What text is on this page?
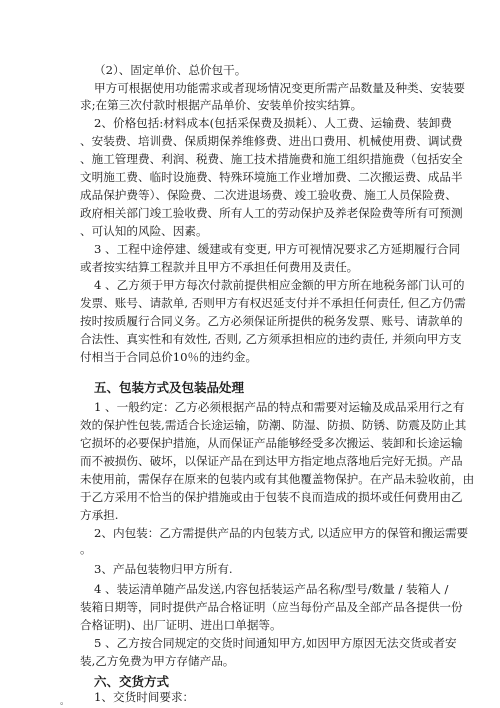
（2）、固定单价、总价包干。
甲方可根据使用功能需求或者现场情况变更所需产品数量及种类、安装要
求;在第三次付款时根据产品单价、安装单价按实结算。
2、价格包括:材料成本(包括采保费及损耗）、人工费、运输费、装卸费
、安装费、培训费、保质期保养维修费、进出口费用、机械使用费、调试费
、施工管理费、利润、税费、施工技术措施费和施工组织措施费（包括安全
文明施工费、临时设施费、特殊环境施工作业增加费、二次搬运费、成品半
成品保护费等）、保险费、二次进退场费、竣工验收费、施工人员保险费、
政府相关部门竣工验收费、所有人工的劳动保护及养老保险费等所有可预测
、可认知的风险、因素。
3 、工程中途停建、缓建或有变更, 甲方可视情况要求乙方延期履行合同
或者按实结算工程款并且甲方不承担任何费用及责任。
4 、乙方须于甲方每次付款前提供相应金额的甲方所在地税务部门认可的
发票、账号、请款单, 否则甲方有权迟延支付并不承担任何责任, 但乙方仍需
按时按质履行合同义务。乙方必须保证所提供的税务发票、账号、请款单的
合法性、真实性和有效性, 否则, 乙方须承担相应的违约责任, 并须向甲方支
付相当于合同总价10％的违约金。
五、包装方式及包装品处理
1 、一般约定：乙方必须根据产品的特点和需要对运输及成品采用行之有
效的保护性包装,需适合长途运输，防潮、防湿、防损、防锈、防震及防止其
它损坏的必要保护措施，从而保证产品能够经受多次搬运、装卸和长途运输
而不被损伤、破坏，以保证产品在到达甲方指定地点落地后完好无损。产品
未使用前，需保存在原来的包装内或有其他覆盖物保护。在产品未验收前，由
于乙方采用不恰当的保护措施或由于包装不良而造成的损坏或任何费用由乙
方承担.
2、内包装：乙方需提供产品的内包装方式, 以适应甲方的保管和搬运需要
。
3、产品包装物归甲方所有.
4 、装运清单随产品发送,内容包括装运产品名称/型号/数量 / 装箱人 /
装箱日期等，同时提供产品合格证明（应当每份产品及全部产品各提供一份
合格证明)、出厂证明、进出口单据等。
5 、乙方按合同规定的交货时间通知甲方,如因甲方原因无法交货或者安
装,乙方免费为甲方存储产品。
六、交货方式
1、交货时间要求：
。
